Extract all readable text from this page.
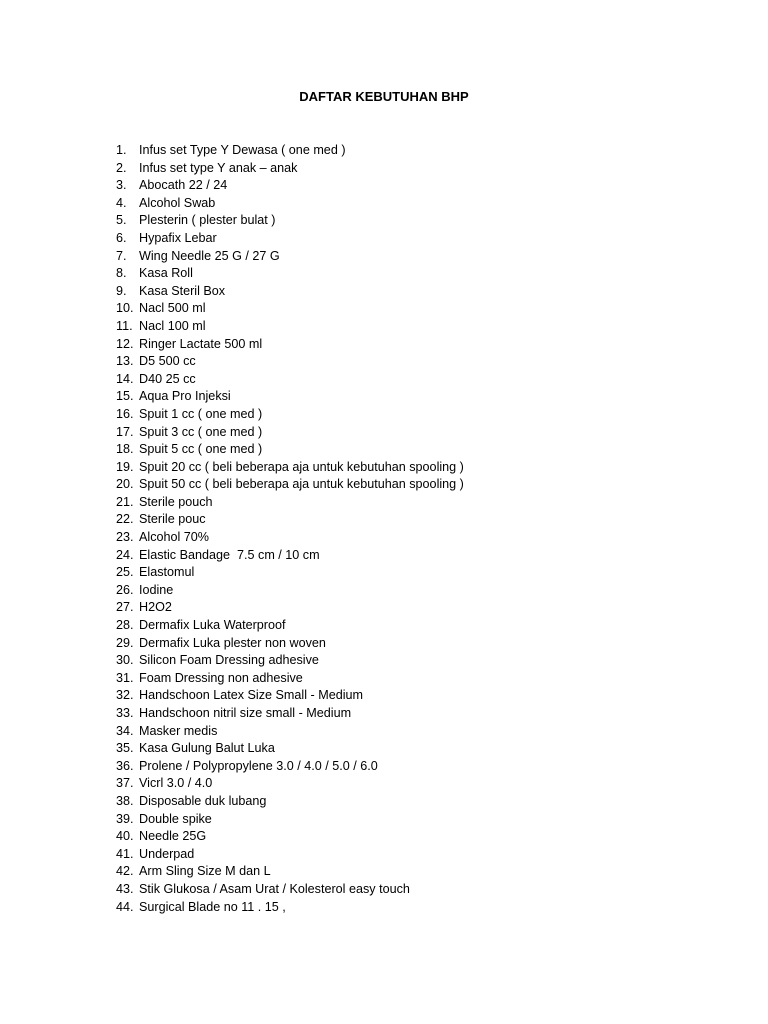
DAFTAR KEBUTUHAN BHP
1. Infus set Type Y Dewasa ( one med )
2. Infus set type Y anak – anak
3. Abocath 22 / 24
4. Alcohol Swab
5. Plesterin ( plester bulat )
6. Hypafix Lebar
7. Wing Needle 25 G / 27 G
8. Kasa Roll
9. Kasa Steril Box
10. Nacl 500 ml
11. Nacl 100 ml
12. Ringer Lactate 500 ml
13. D5 500 cc
14. D40 25 cc
15. Aqua Pro Injeksi
16. Spuit 1 cc ( one med )
17. Spuit 3 cc ( one med )
18. Spuit 5 cc ( one med )
19. Spuit 20 cc ( beli beberapa aja untuk kebutuhan spooling )
20. Spuit 50 cc ( beli beberapa aja untuk kebutuhan spooling )
21. Sterile pouch
22. Sterile pouc
23. Alcohol 70%
24. Elastic Bandage  7.5 cm / 10 cm
25. Elastomul
26. Iodine
27. H2O2
28. Dermafix Luka Waterproof
29. Dermafix Luka plester non woven
30. Silicon Foam Dressing adhesive
31. Foam Dressing non adhesive
32. Handschoon Latex Size Small - Medium
33. Handschoon nitril size small - Medium
34. Masker medis
35. Kasa Gulung Balut Luka
36. Prolene / Polypropylene 3.0 / 4.0 / 5.0 / 6.0
37. Vicrl 3.0 / 4.0
38. Disposable duk lubang
39. Double spike
40. Needle 25G
41. Underpad
42. Arm Sling Size M dan L
43. Stik Glukosa / Asam Urat / Kolesterol easy touch
44. Surgical Blade no 11 . 15 ,
